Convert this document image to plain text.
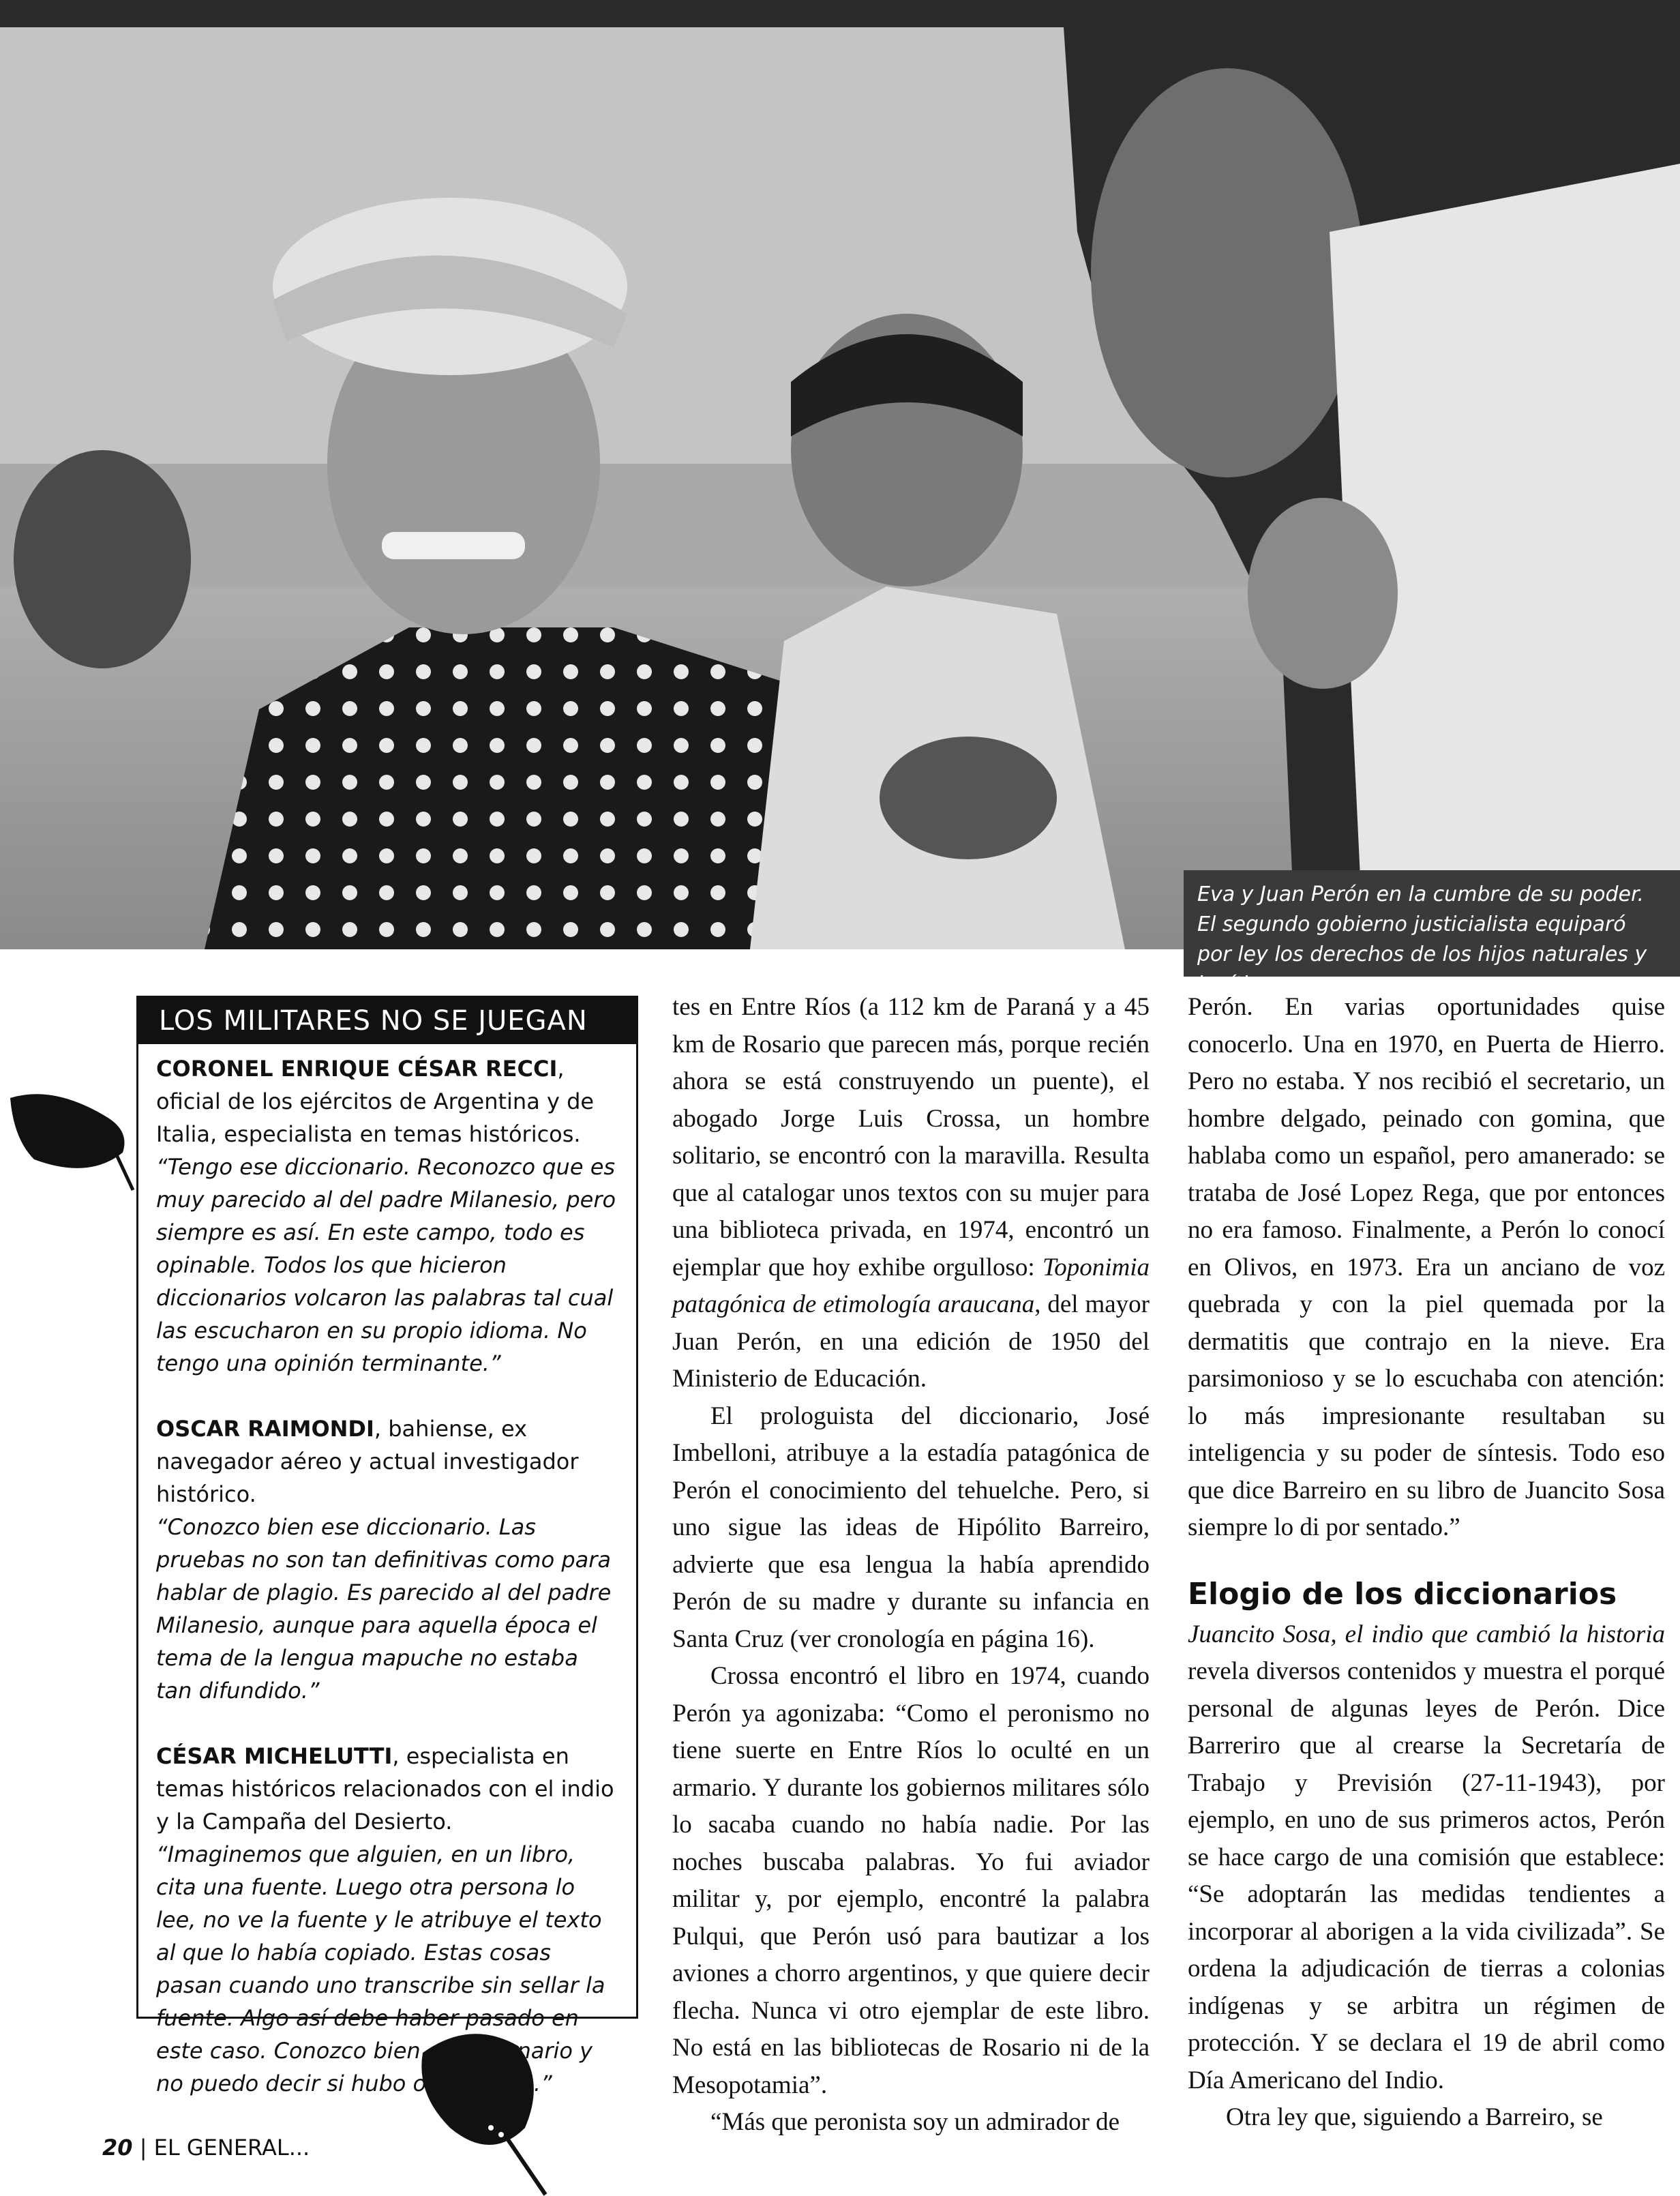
Eva y Juan Perón en la cumbre de su poder. El segundo gobierno justicialista equiparó por ley los derechos de los hijos naturales y legítimos.
LOS MILITARES NO SE JUEGAN

CORONEL ENRIQUE CÉSAR RECCI, oficial de los ejércitos de Argentina y de Italia, especialista en temas históricos.
“Tengo ese diccionario. Reconozco que es muy parecido al del padre Milanesio, pero siempre es así. En este campo, todo es opinable. Todos los que hicieron diccionarios volcaron las palabras tal cual las escucharon en su propio idioma. No tengo una opinión terminante.”

OSCAR RAIMONDI, bahiense, ex navegador aéreo y actual investigador histórico.
“Conozco bien ese diccionario. Las pruebas no son tan definitivas como para hablar de plagio. Es parecido al del padre Milanesio, aunque para aquella época el tema de la lengua mapuche no estaba tan difundido.”

CÉSAR MICHELUTTI, especialista en temas históricos relacionados con el indio y la Campaña del Desierto.
“Imaginemos que alguien, en un libro, cita una fuente. Luego otra persona lo lee, no ve la fuente y le atribuye el texto al que lo había copiado. Estas cosas pasan cuando uno transcribe sin sellar la fuente. Algo así debe haber pasado en este caso. Conozco bien el diccionario y no puedo decir si hubo o no plagio.”

tes en Entre Ríos (a 112 km de Paraná y a 45 km de Rosario que parecen más, porque recién ahora se está construyendo un puente), el abogado Jorge Luis Crossa, un hombre solitario, se encontró con la maravilla. Resulta que al catalogar unos textos con su mujer para una biblioteca privada, en 1974, encontró un ejemplar que hoy exhibe orgulloso: Toponimia patagónica de etimología araucana, del mayor Juan Perón, en una edición de 1950 del Ministerio de Educación.

El prologuista del diccionario, José Imbelloni, atribuye a la estadía patagónica de Perón el conocimiento del tehuelche. Pero, si uno sigue las ideas de Hipólito Barreiro, advierte que esa lengua la había aprendido Perón de su madre y durante su infancia en Santa Cruz (ver cronología en página 16).

Crossa encontró el libro en 1974, cuando Perón ya agonizaba: “Como el peronismo no tiene suerte en Entre Ríos lo oculté en un armario. Y durante los gobiernos militares sólo lo sacaba cuando no había nadie. Por las noches buscaba palabras. Yo fui aviador militar y, por ejemplo, encontré la palabra Pulqui, que Perón usó para bautizar a los aviones a chorro argentinos, y que quiere decir flecha. Nunca vi otro ejemplar de este libro. No está en las bibliotecas de Rosario ni de la Mesopotamia”.

“Más que peronista soy un admirador de

Perón. En varias oportunidades quise conocerlo. Una en 1970, en Puerta de Hierro. Pero no estaba. Y nos recibió el secretario, un hombre delgado, peinado con gomina, que hablaba como un español, pero amanerado: se trataba de José Lopez Rega, que por entonces no era famoso. Finalmente, a Perón lo conocí en Olivos, en 1973. Era un anciano de voz quebrada y con la piel quemada por la dermatitis que contrajo en la nieve. Era parsimonioso y se lo escuchaba con atención: lo más impresionante resultaban su inteligencia y su poder de síntesis. Todo eso que dice Barreiro en su libro de Juancito Sosa siempre lo di por sentado.”

Elogio de los diccionarios

Juancito Sosa, el indio que cambió la historia revela diversos contenidos y muestra el porqué personal de algunas leyes de Perón. Dice Barreriro que al crearse la Secretaría de Trabajo y Previsión (27-11-1943), por ejemplo, en uno de sus primeros actos, Perón se hace cargo de una comisión que establece: “Se adoptarán las medidas tendientes a incorporar al aborigen a la vida civilizada”. Se ordena la adjudicación de tierras a colonias indígenas y se arbitra un régimen de protección. Y se declara el 19 de abril como Día Americano del Indio.

Otra ley que, siguiendo a Barreiro, se

20 | EL GENERAL...
